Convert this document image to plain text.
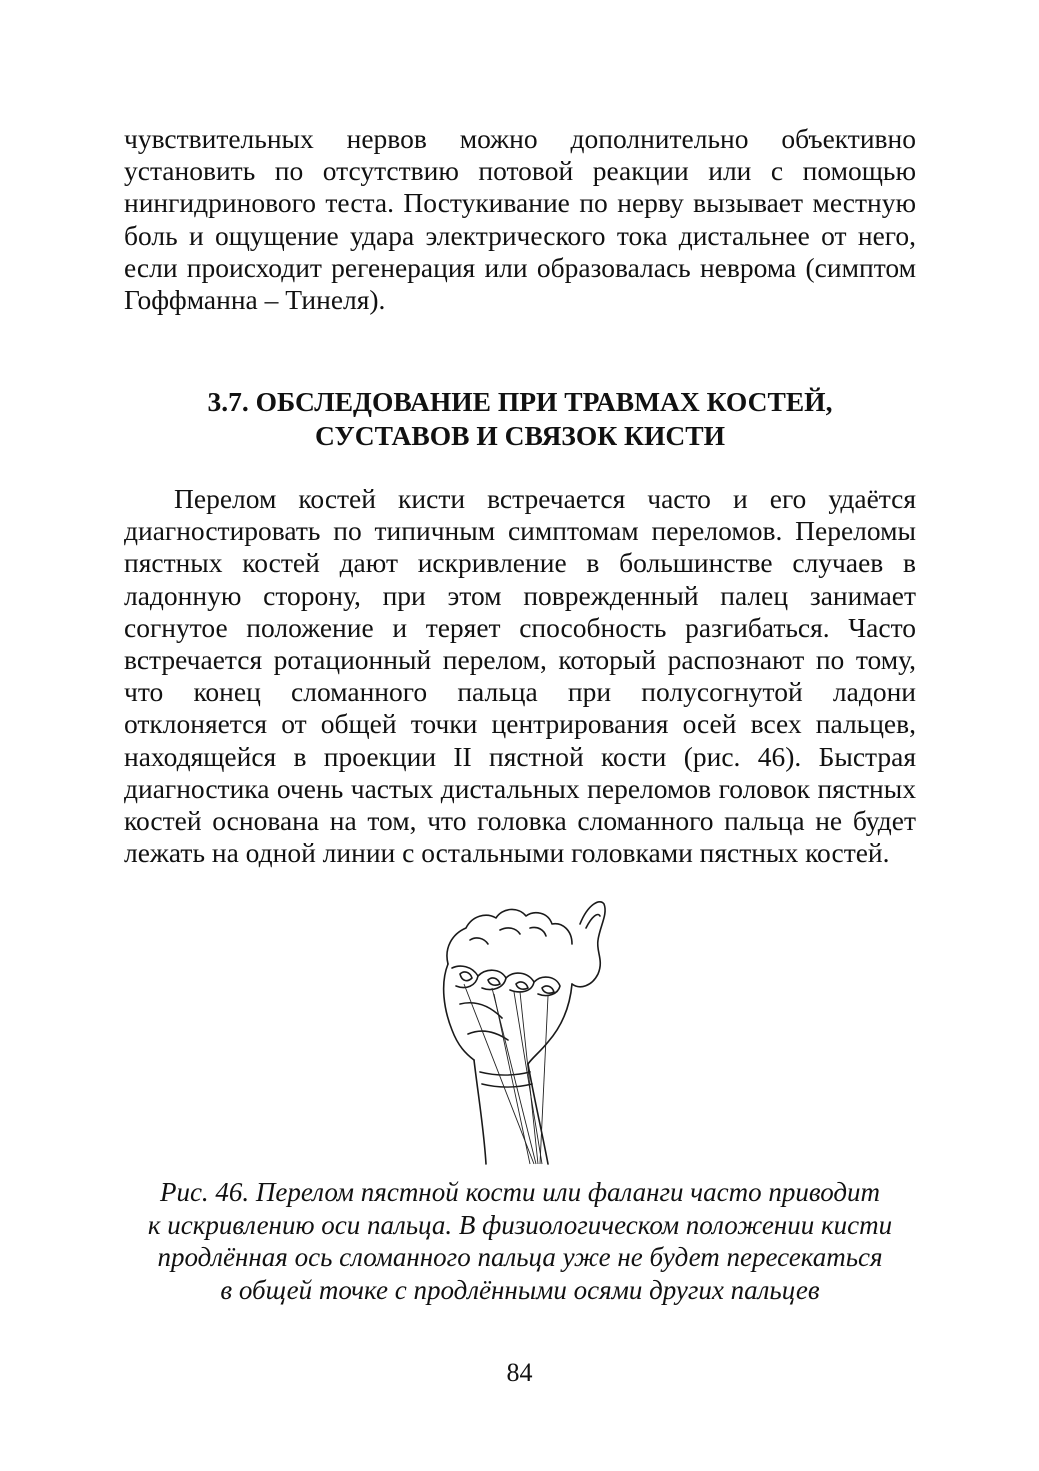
чувствительных нервов можно дополнительно объективно установить по отсутствию потовой реакции или с помощью нингидринового теста. Постукивание по нерву вызывает местную боль и ощущение удара электрического тока дистальнее от него, если происходит регенерация или образовалась неврома (симптом Гоффманна – Тинеля).

3.7. ОБСЛЕДОВАНИЕ ПРИ ТРАВМАХ КОСТЕЙ,
СУСТАВОВ И СВЯЗОК КИСТИ

Перелом костей кисти встречается часто и его удаётся диагностировать по типичным симптомам переломов. Переломы пястных костей дают искривление в большинстве случаев в ладонную сторону, при этом поврежденный палец занимает согнутое положение и теряет способность разгибаться. Часто встречается ротационный перелом, который распознают по тому, что конец сломанного пальца при полусогнутой ладони отклоняется от общей точки центрирования осей всех пальцев, находящейся в проекции II пястной кости (рис. 46). Быстрая диагностика очень частых дистальных переломов головок пястных костей основана на том, что головка сломанного пальца не будет лежать на одной линии с остальными головками пястных костей.

Рис. 46. Перелом пястной кости или фаланги часто приводит
к искривлению оси пальца. В физиологическом положении кисти
продлённая ось сломанного пальца уже не будет пересекаться
в общей точке с продлёнными осями других пальцев

84
